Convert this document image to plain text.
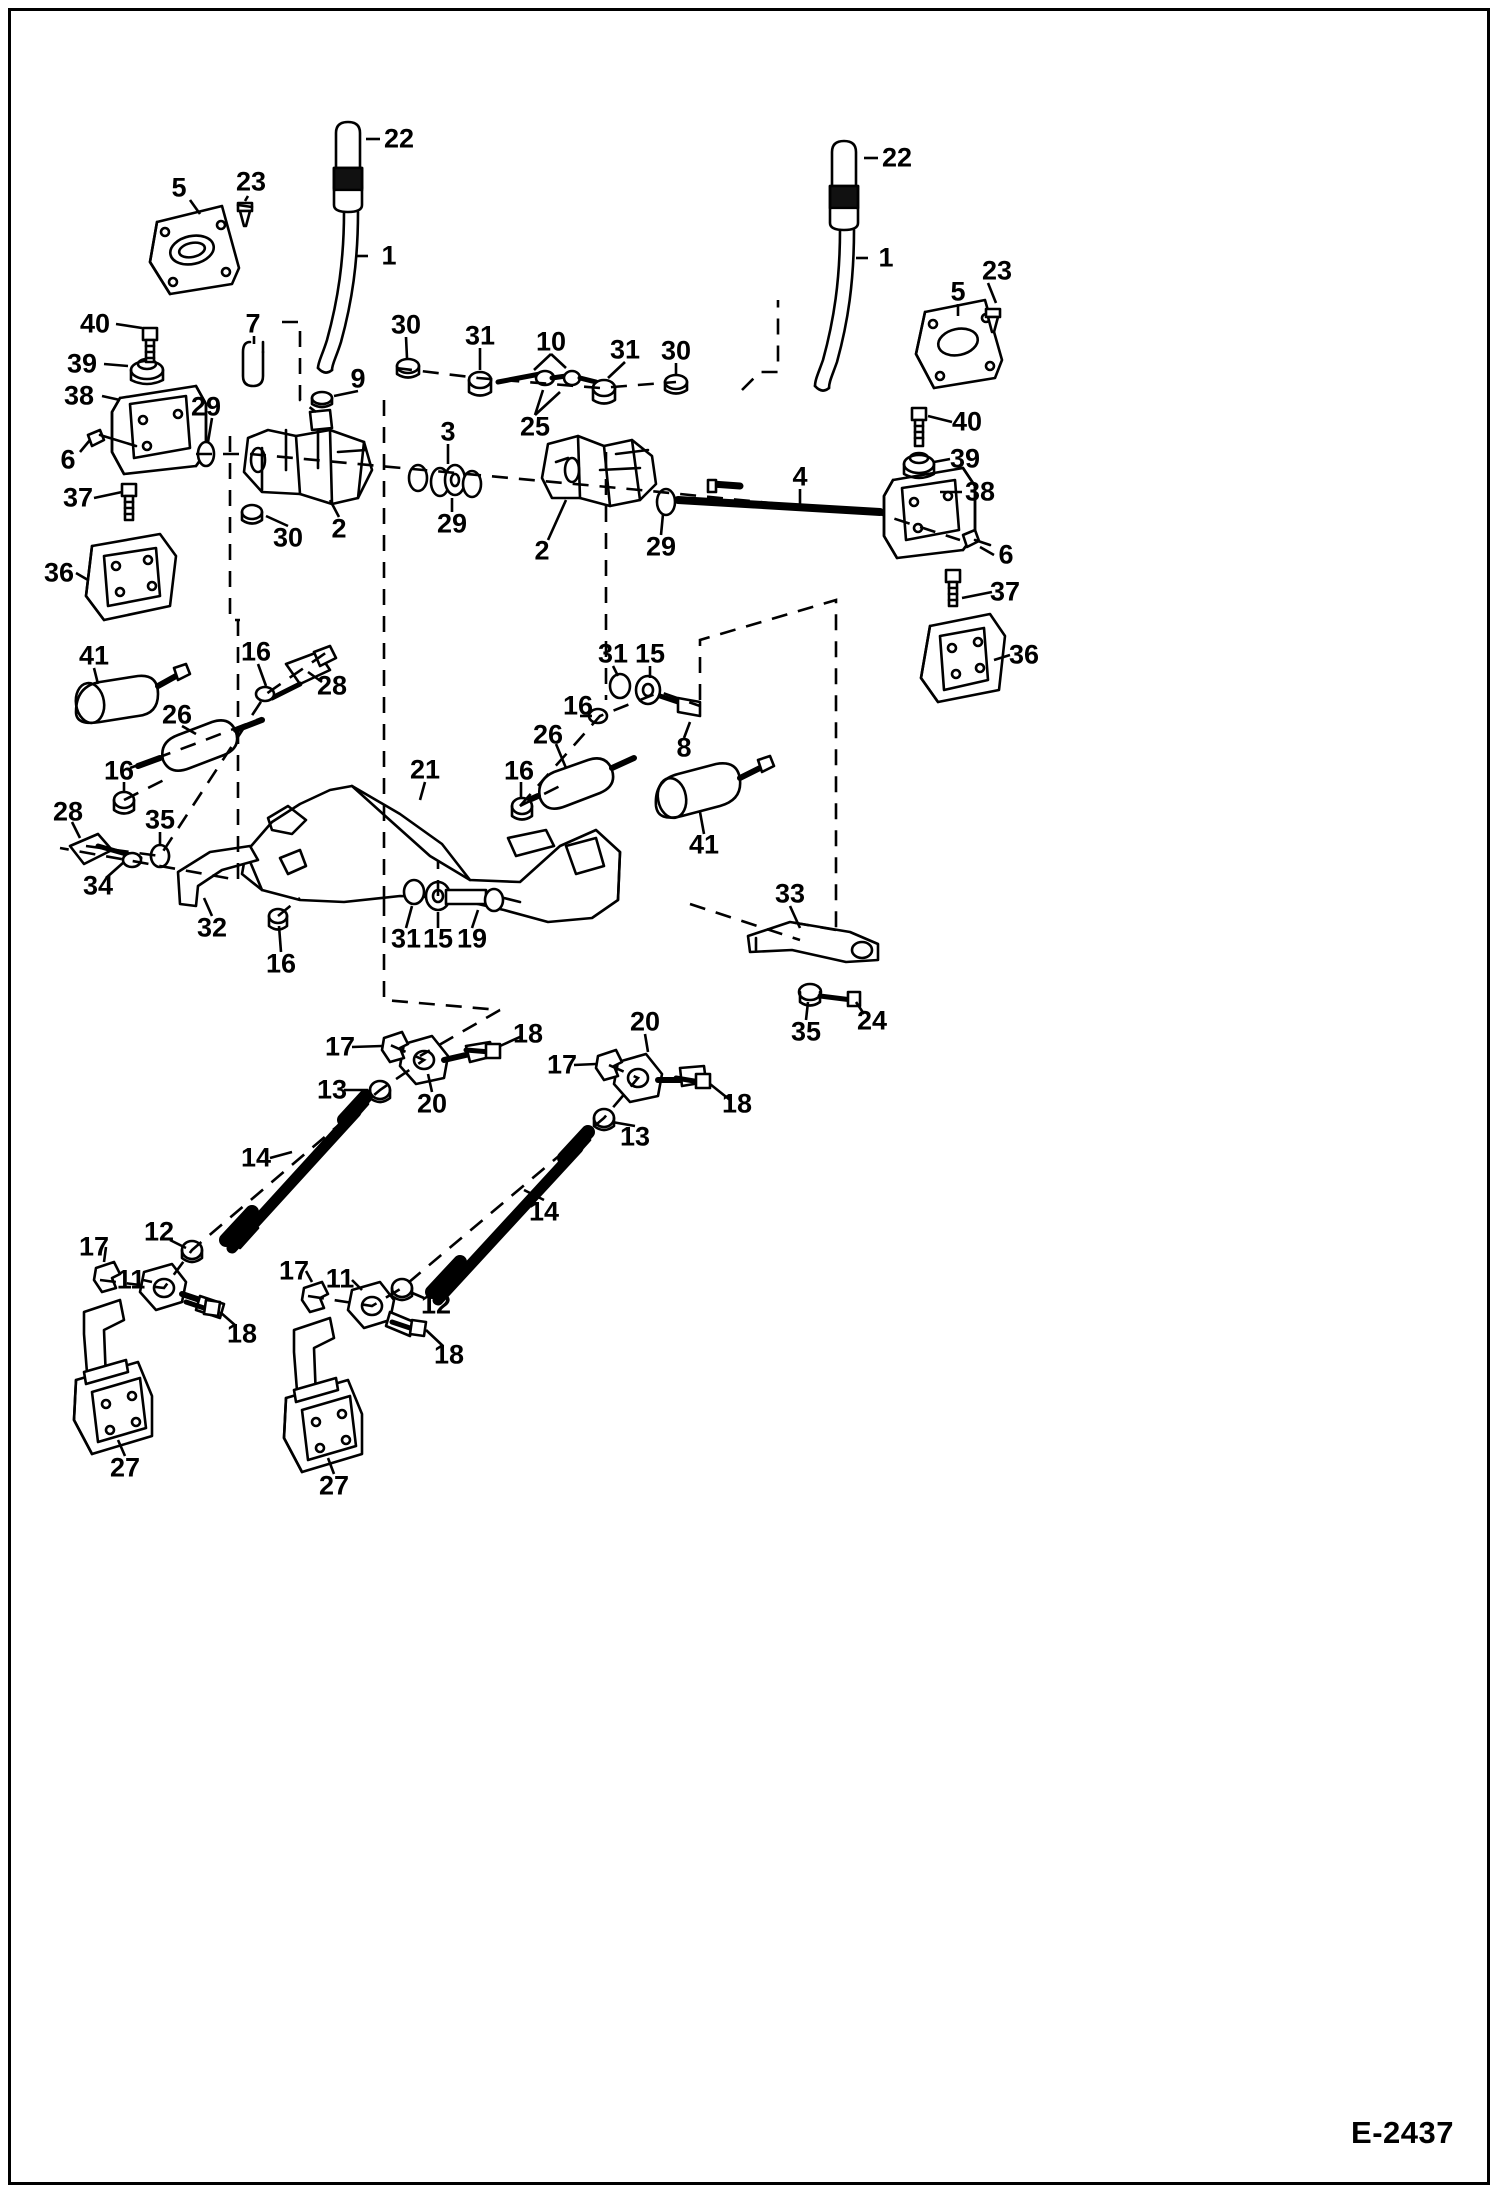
22
5 23
22
1	1	23
5
40	7	30 31 10 31 30
39	9
38
25
29	40
3
6	39
4	38
37
2	29
30	29
2	6
36
37
36
41	16	31 15
28
26	16
26	8
16	21 16
28 35
41
34
32
33
31 15 19
16
35 24
17	18	20
17
13	20	18
13
14
14
12
17
11	17 11
12
18
18
27
27
E-2437
